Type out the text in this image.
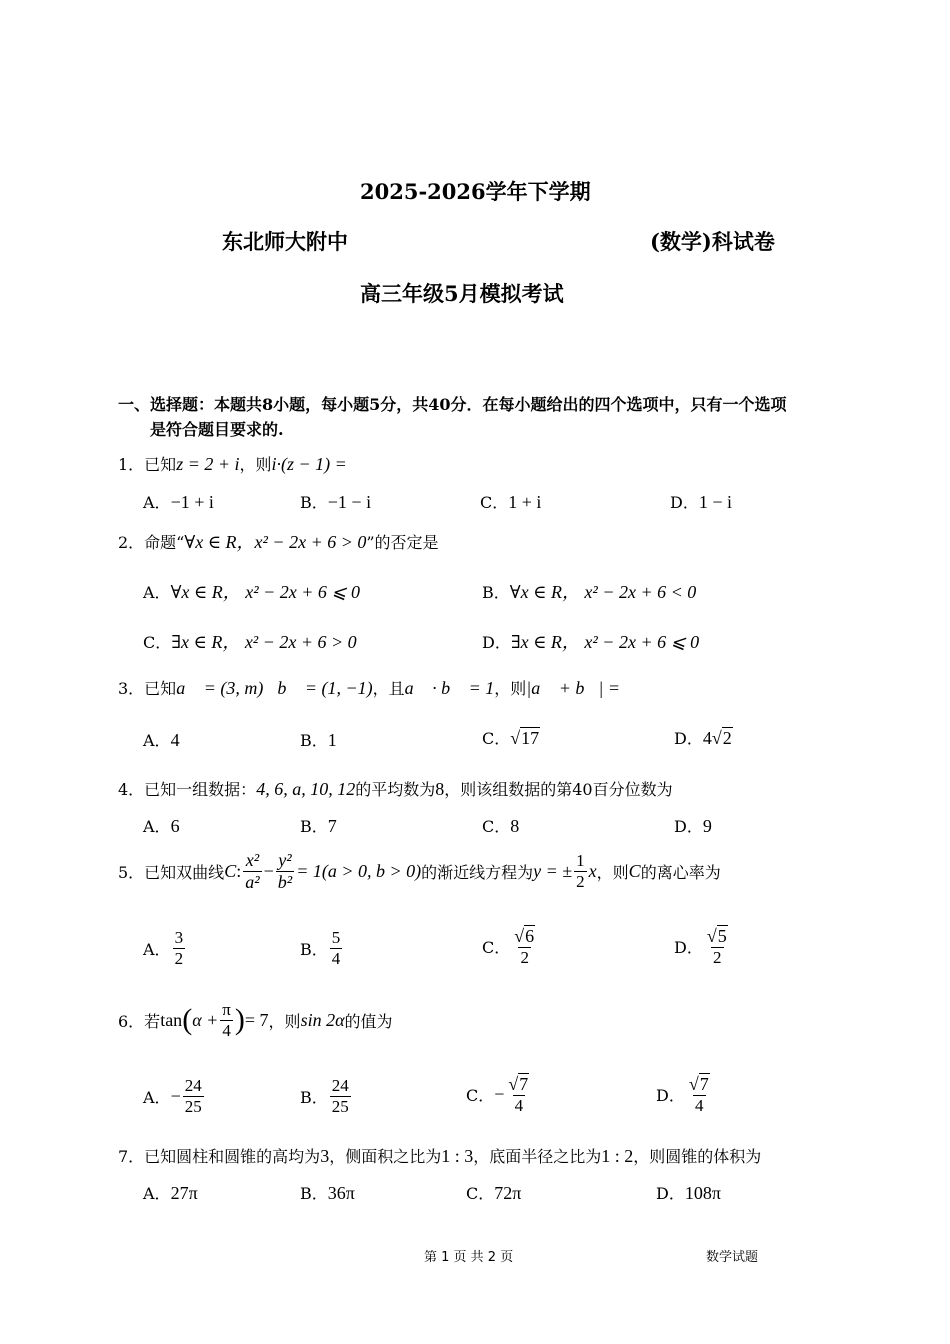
2025-2026学年下学期
东北师大附中	(数学)科试卷
高三年级5月模拟考试
一、选择题：本题共8小题，每小题5分，共40分．在每小题给出的四个选项中，只有一个选项
是符合题目要求的.
1．已知z = 2 + i，则i·(z − 1) =
A．−1 + i	B．−1 − i	C．1 + i	D．1 − i
2．命题“∀x ∈ R，x² − 2x + 6 > 0”的否定是
A．∀x ∈ R， x² − 2x + 6 ⩽ 0	B．∀x ∈ R， x² − 2x + 6 < 0
C．∃x ∈ R， x² − 2x + 6 > 0	D．∃x ∈ R， x² − 2x + 6 ⩽ 0
3．已知a⃗ = (3, m)，b⃗ = (1, −1)，且a⃗ · b⃗ = 1，则|a⃗ + b⃗| =
A．4	B．1	C．√17	D．4√2
4．已知一组数据：4, 6, a, 10, 12的平均数为8，则该组数据的第40百分位数为
A．6	B．7	C．8	D．9
5．已知双曲线 C : $\frac{\text{x²}}{\text{a²}} - \frac{\text{y²}}{\text{b²}} = 1(a > 0$, b > 0) 的渐近线方程为 y = ± $\frac{1}{2}$ x ，则 C 的离心率为
A． $\frac{3}{2}$	B． $\frac{5}{4}$	C． $\frac{√6}{2}$	D． $\frac{√5}{2}$
6．若 tan ( $\alpha + \frac{\pi}{4}$ ) = 7 ，则 sin 2α 的值为
A． − $\frac{24}{25}$	B． $\frac{24}{25}$	C． − $\frac{√7}{4}$	D． $\frac{√7}{4}$
7．已知圆柱和圆锥的高均为3，侧面积之比为1 : 3，底面半径之比为1 : 2，则圆锥的体积为
A．27π	B．36π	C．72π	D．108π
第 1 页 共 2 页	数学试题
